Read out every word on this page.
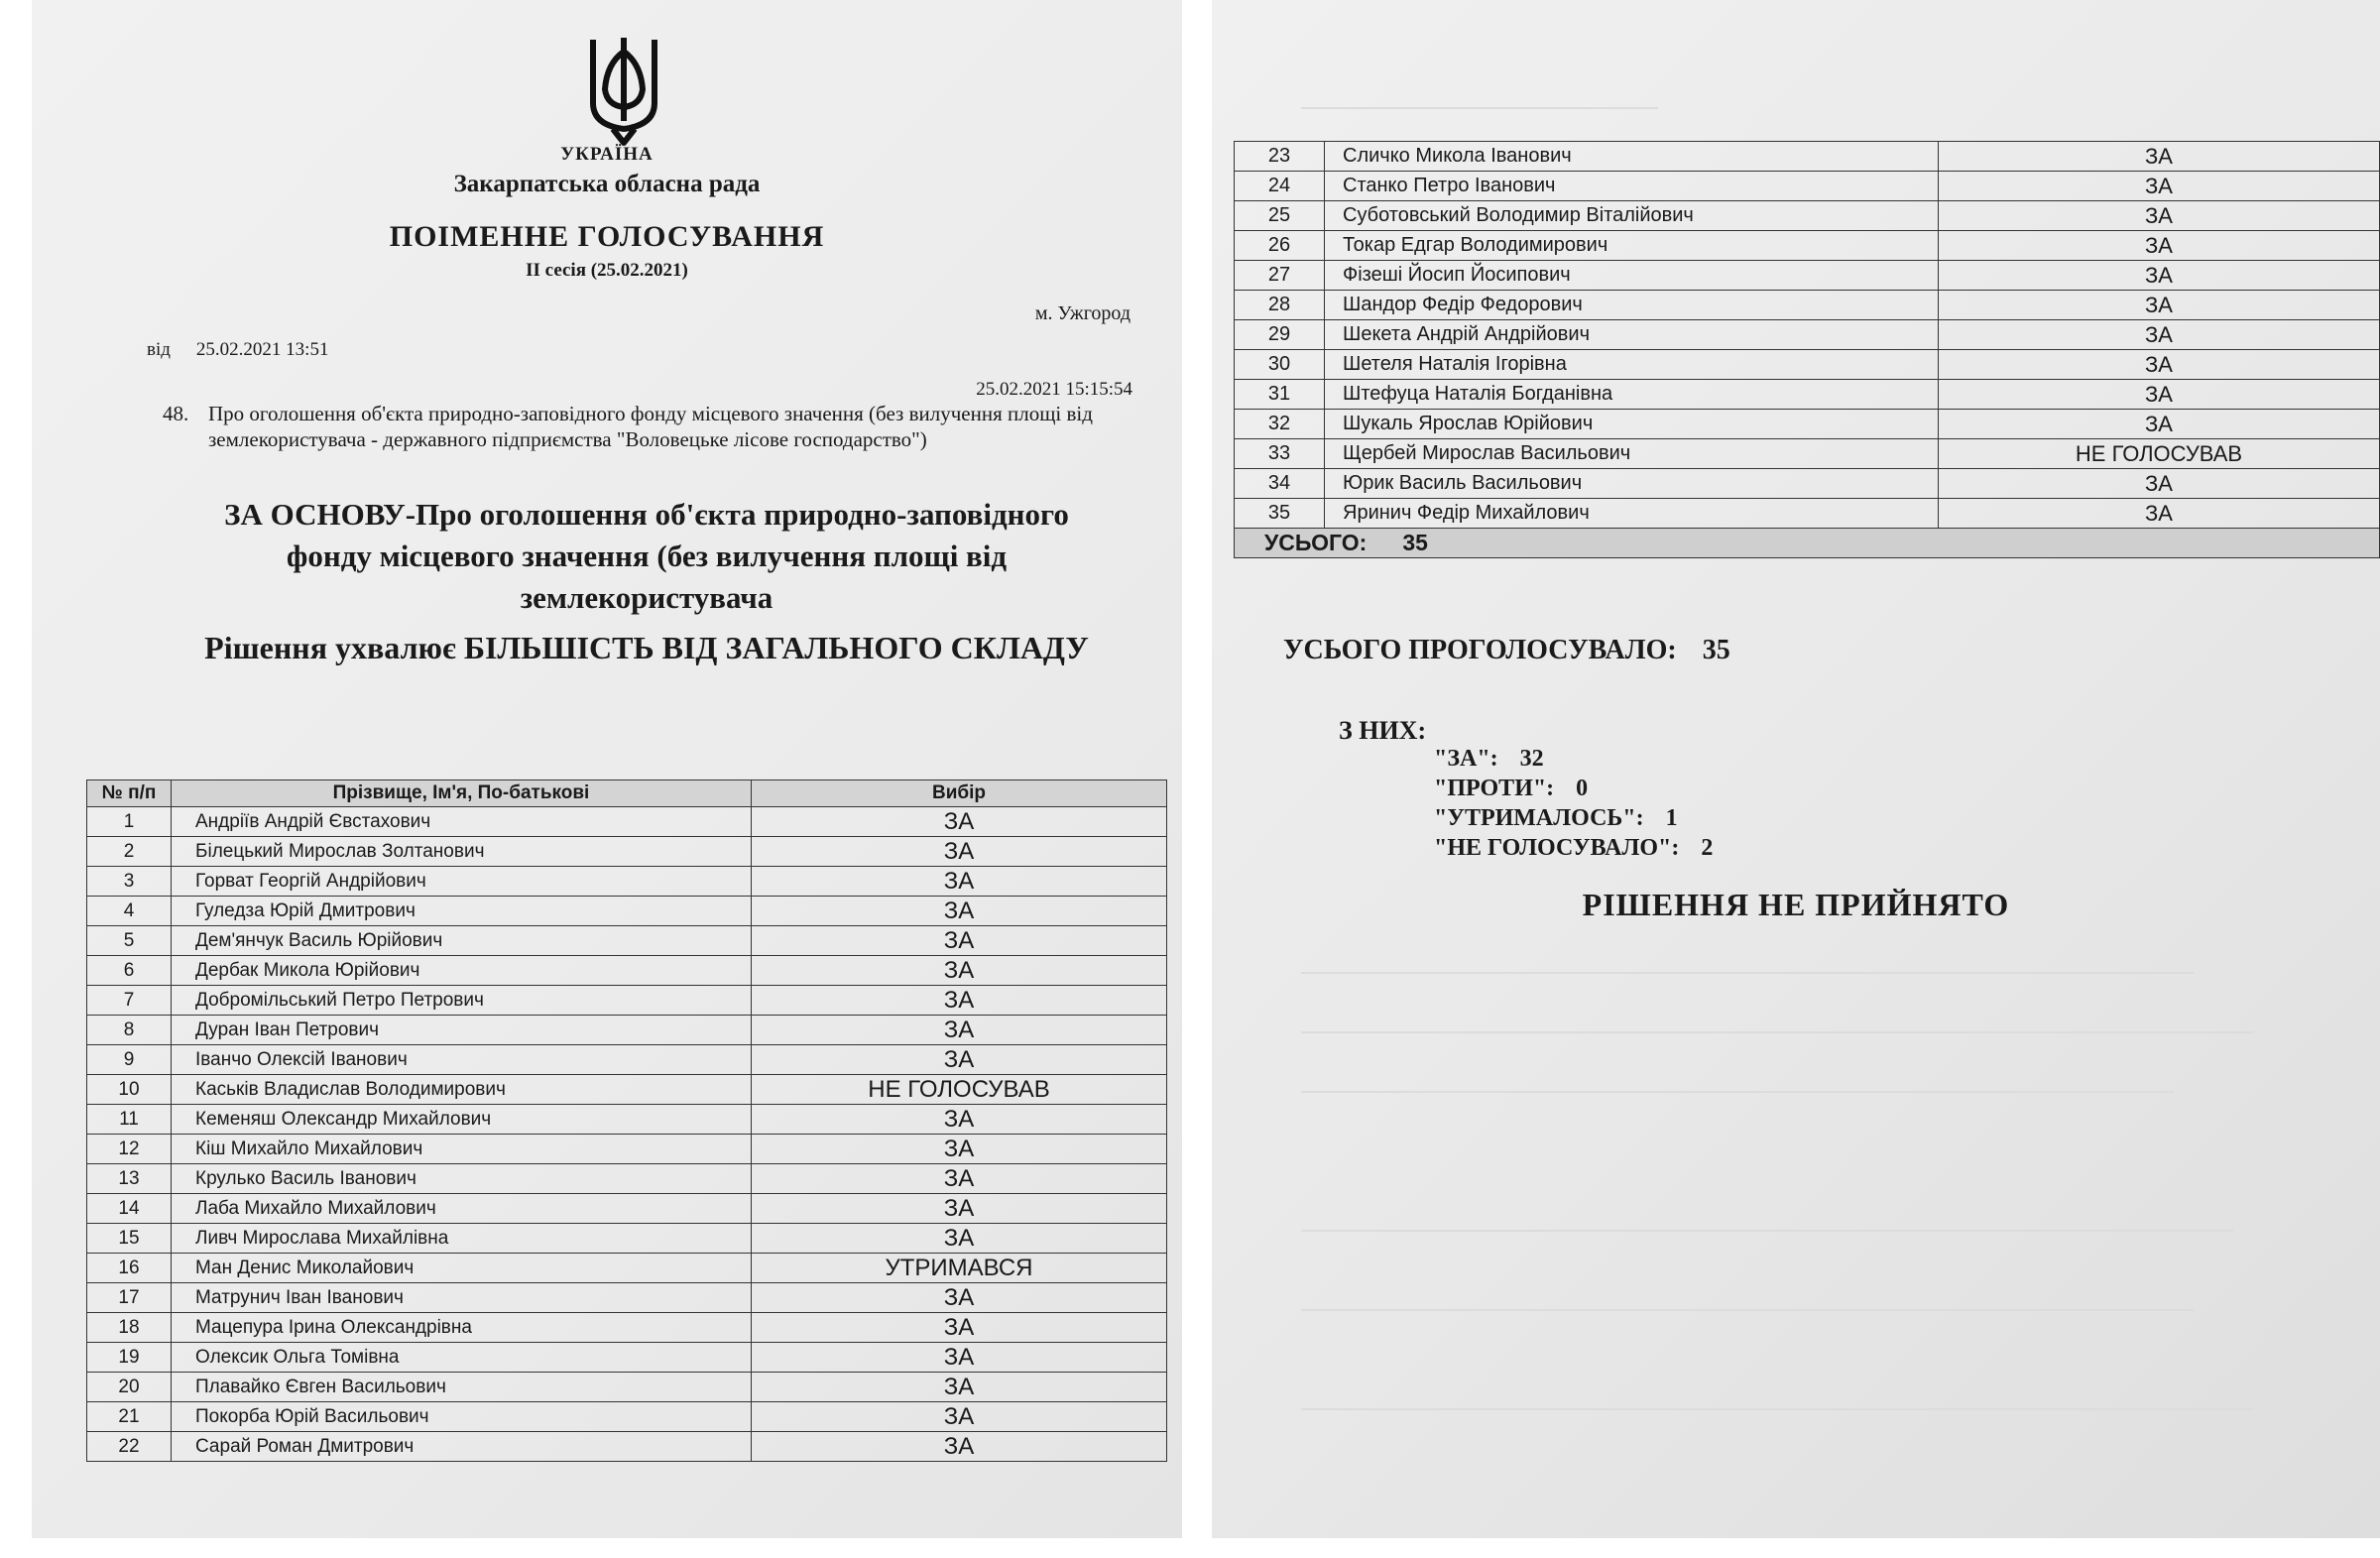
УКРАЇНА
Закарпатська обласна рада
ПОІМЕННЕ ГОЛОСУВАННЯ
ІІ сесія (25.02.2021)
м. Ужгород
від 25.02.2021 13:51
25.02.2021 15:15:54
48. Про оголошення об'єкта природно-заповідного фонду місцевого значення (без вилучення площі від землекористувача - державного підприємства "Воловецьке лісове господарство")
ЗА ОСНОВУ-Про оголошення об'єкта природно-заповідного фонду місцевого значення (без вилучення площі від землекористувача
Рішення ухвалює БІЛЬШІСТЬ ВІД ЗАГАЛЬНОГО СКЛАДУ
№ п/п	Прізвище, Ім'я, По-батькові	Вибір
1	Андріїв Андрій Євстахович	ЗА
2	Білецький Мирослав Золтанович	ЗА
3	Горват Георгій Андрійович	ЗА
4	Гуледза Юрій Дмитрович	ЗА
5	Дем'янчук Василь Юрійович	ЗА
6	Дербак Микола Юрійович	ЗА
7	Добромільський Петро Петрович	ЗА
8	Дуран Іван Петрович	ЗА
9	Іванчо Олексій Іванович	ЗА
10	Каськів Владислав Володимирович	НЕ ГОЛОСУВАВ
11	Кеменяш Олександр Михайлович	ЗА
12	Кіш Михайло Михайлович	ЗА
13	Крулько Василь Іванович	ЗА
14	Лаба Михайло Михайлович	ЗА
15	Ливч Мирослава Михайлівна	ЗА
16	Ман Денис Миколайович	УТРИМАВСЯ
17	Матрунич Іван Іванович	ЗА
18	Мацепура Ірина Олександрівна	ЗА
19	Олексик Ольга Томівна	ЗА
20	Плавайко Євген Васильович	ЗА
21	Покорба Юрій Васильович	ЗА
22	Сарай Роман Дмитрович	ЗА
23	Сличко Микола Іванович	ЗА
24	Станко Петро Іванович	ЗА
25	Суботовський Володимир Віталійович	ЗА
26	Токар Едгар Володимирович	ЗА
27	Фізеші Йосип Йосипович	ЗА
28	Шандор Федір Федорович	ЗА
29	Шекета Андрій Андрійович	ЗА
30	Шетеля Наталія Ігорівна	ЗА
31	Штефуца Наталія Богданівна	ЗА
32	Шукаль Ярослав Юрійович	ЗА
33	Щербей Мирослав Васильович	НЕ ГОЛОСУВАВ
34	Юрик Василь Васильович	ЗА
35	Яринич Федір Михайлович	ЗА
УСЬОГО: 35		
УСЬОГО ПРОГОЛОСУВАЛО: 35
З НИХ:
"ЗА": 32
"ПРОТИ": 0
"УТРИМАЛОСЬ": 1
"НЕ ГОЛОСУВАЛО": 2
РІШЕННЯ НЕ ПРИЙНЯТО
